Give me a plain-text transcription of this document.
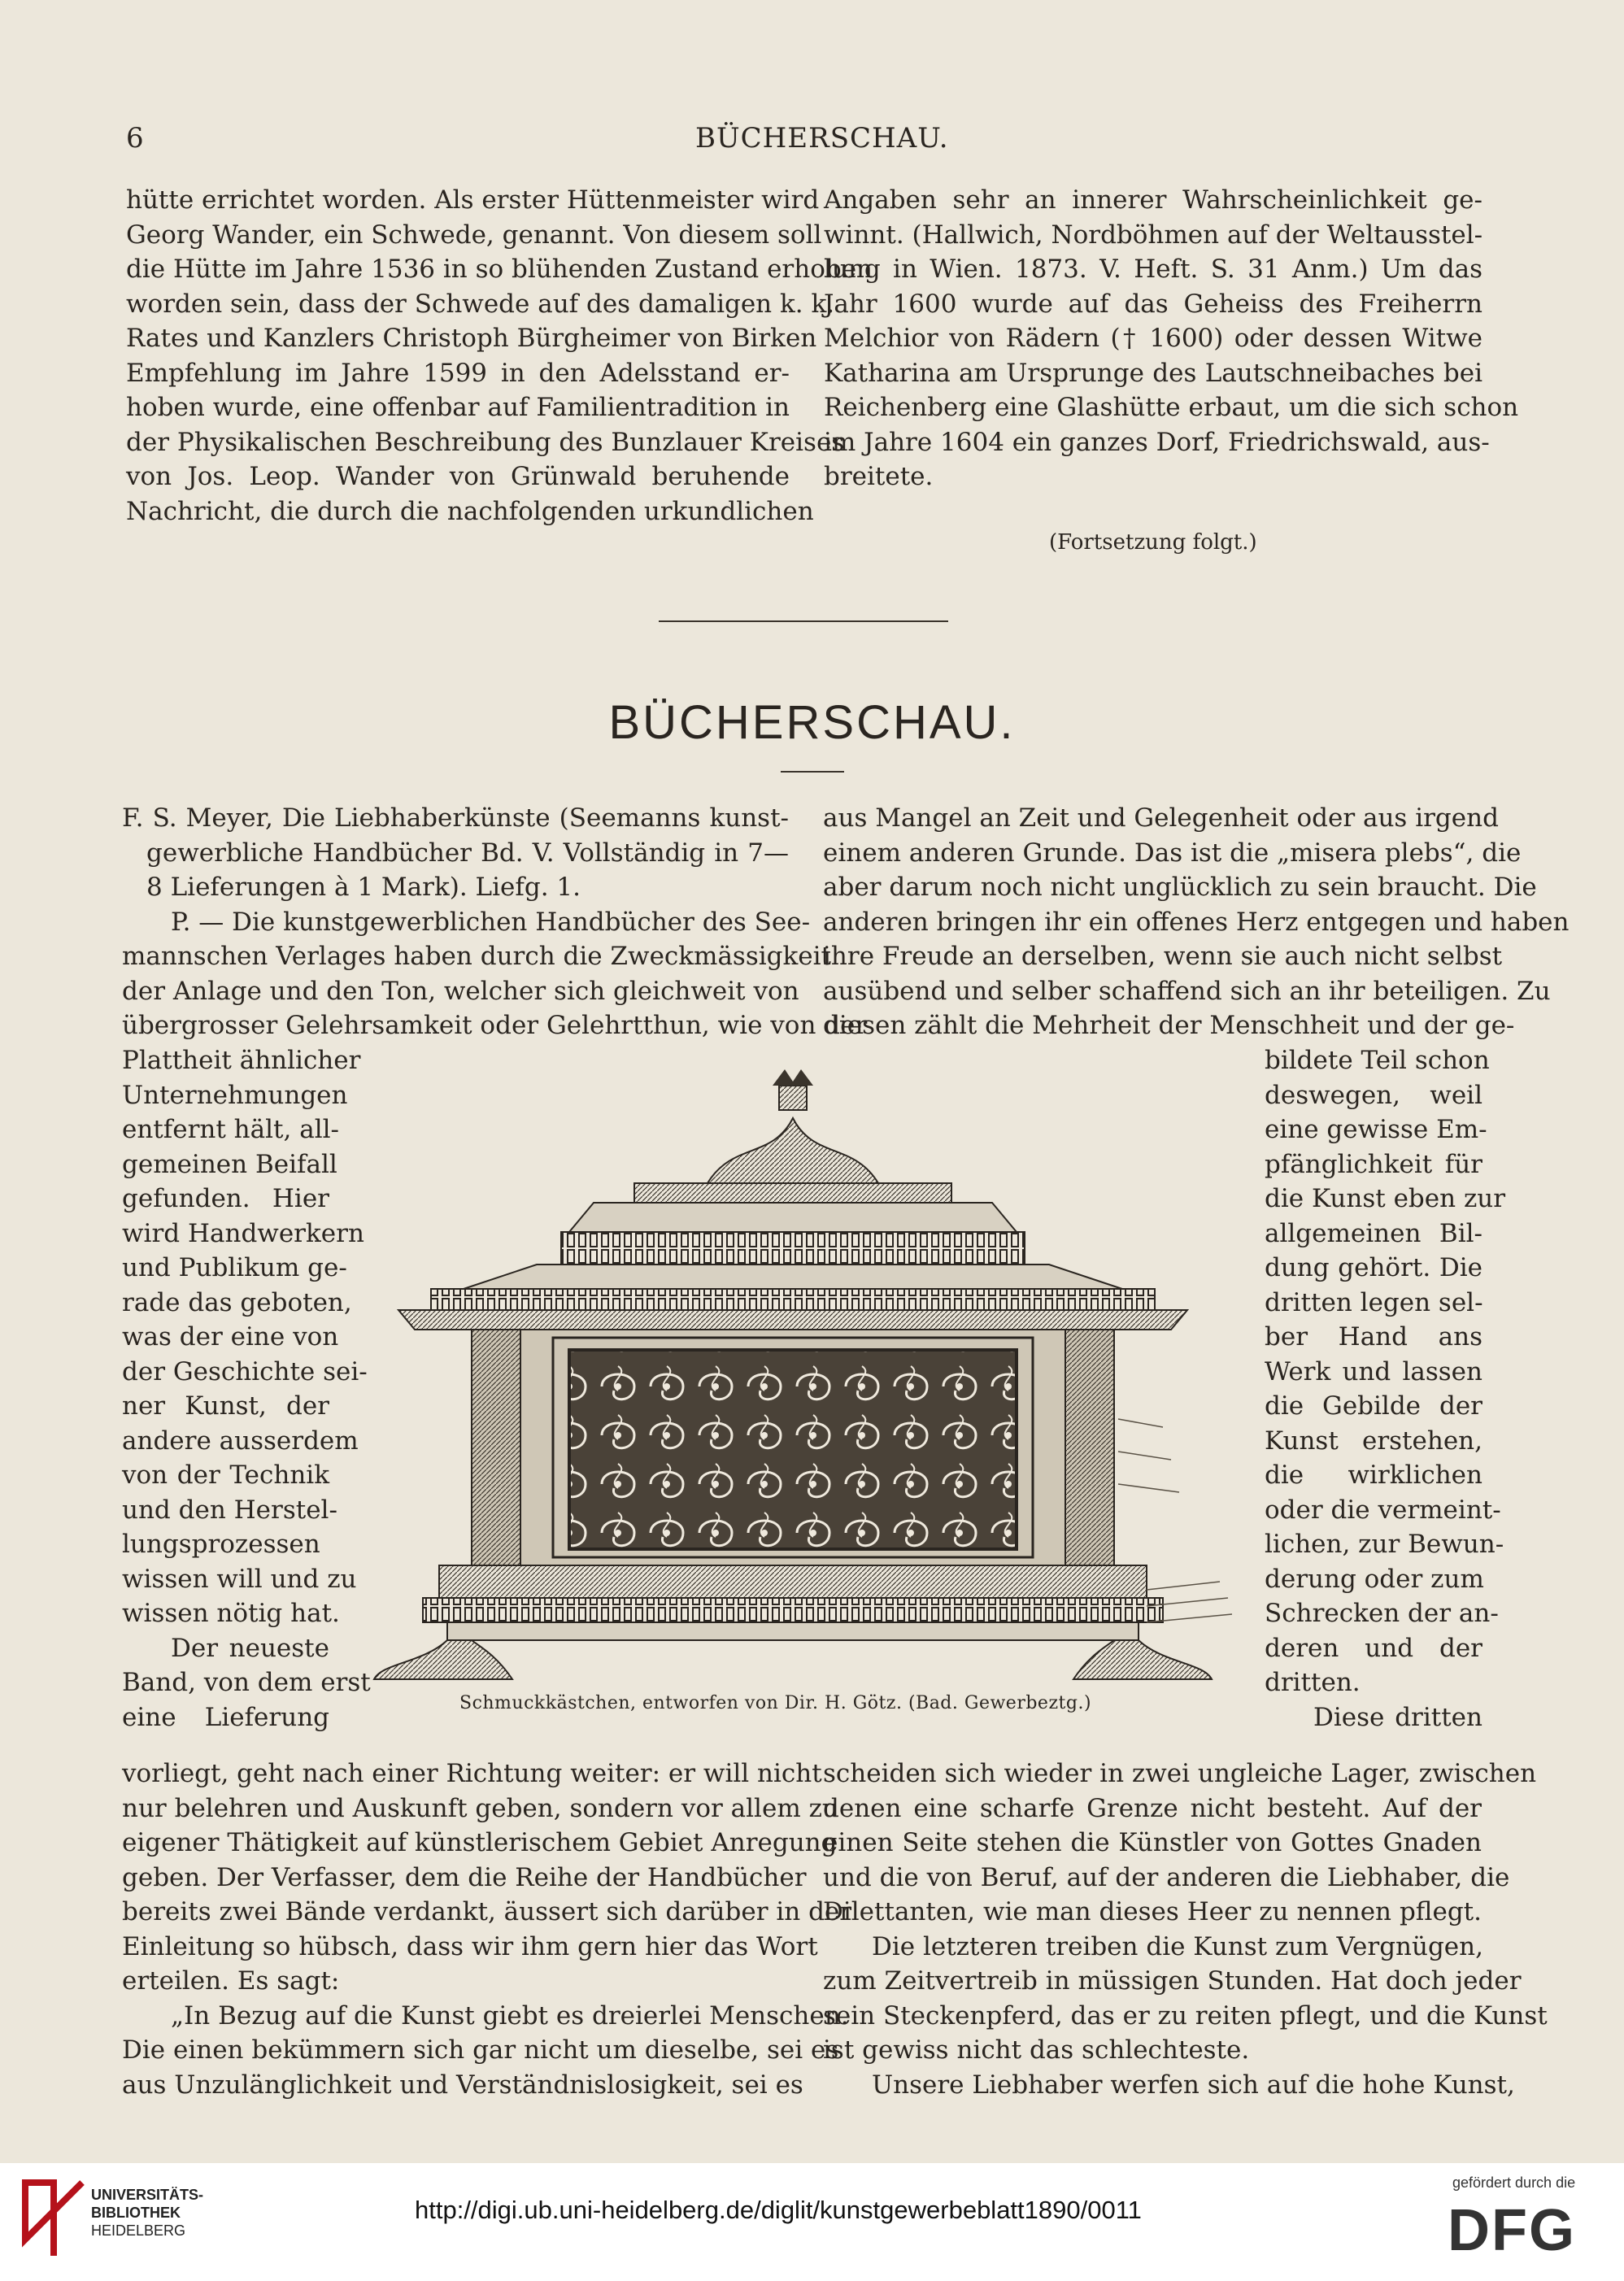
6	BÜCHERSCHAU.
hütte errichtet worden. Als erster Hüttenmeister wird
Georg Wander, ein Schwede, genannt. Von diesem soll
die Hütte im Jahre 1536 in so blühenden Zustand erhoben
worden sein, dass der Schwede auf des damaligen k. k.
Rates und Kanzlers Christoph Bürgheimer von Birken
Empfehlung im Jahre 1599 in den Adelsstand er-
hoben wurde, eine offenbar auf Familientradition in
der Physikalischen Beschreibung des Bunzlauer Kreises
von Jos. Leop. Wander von Grünwald beruhende
Nachricht, die durch die nachfolgenden urkundlichen
Angaben sehr an innerer Wahrscheinlichkeit ge-
winnt. (Hallwich, Nordböhmen auf der Weltausstel-
lung in Wien. 1873. V. Heft. S. 31 Anm.) Um das
Jahr 1600 wurde auf das Geheiss des Freiherrn
Melchior von Rädern († 1600) oder dessen Witwe
Katharina am Ursprunge des Lautschneibaches bei
Reichenberg eine Glashütte erbaut, um die sich schon
im Jahre 1604 ein ganzes Dorf, Friedrichswald, aus-
breitete.
(Fortsetzung folgt.)
BÜCHERSCHAU.
F. S. Meyer, Die Liebhaberkünste (Seemanns kunst-
gewerbliche Handbücher Bd. V. Vollständig in 7—
8 Lieferungen à 1 Mark). Liefg. 1.
P. — Die kunstgewerblichen Handbücher des See-
mannschen Verlages haben durch die Zweckmässigkeit
der Anlage und den Ton, welcher sich gleichweit von
übergrosser Gelehrsamkeit oder Gelehrtthun, wie von der
Plattheit ähnlicher
Unternehmungen
entfernt hält, all-
gemeinen Beifall
gefunden. Hier
wird Handwerkern
und Publikum ge-
rade das geboten,
was der eine von
der Geschichte sei-
ner Kunst, der
andere ausserdem
von der Technik
und den Herstel-
lungsprozessen
wissen will und zu
wissen nötig hat.
Der neueste
Band, von dem erst
eine Lieferung
vorliegt, geht nach einer Richtung weiter: er will nicht
nur belehren und Auskunft geben, sondern vor allem zu
eigener Thätigkeit auf künstlerischem Gebiet Anregung
geben. Der Verfasser, dem die Reihe der Handbücher
bereits zwei Bände verdankt, äussert sich darüber in der
Einleitung so hübsch, dass wir ihm gern hier das Wort
erteilen. Es sagt:
„In Bezug auf die Kunst giebt es dreierlei Menschen.
Die einen bekümmern sich gar nicht um dieselbe, sei es
aus Unzulänglichkeit und Verständnislosigkeit, sei es
aus Mangel an Zeit und Gelegenheit oder aus irgend
einem anderen Grunde. Das ist die „misera plebs“, die
aber darum noch nicht unglücklich zu sein braucht. Die
anderen bringen ihr ein offenes Herz entgegen und haben
ihre Freude an derselben, wenn sie auch nicht selbst
ausübend und selber schaffend sich an ihr beteiligen. Zu
diesen zählt die Mehrheit der Menschheit und der ge-
bildete Teil schon
deswegen, weil
eine gewisse Em-
pfänglichkeit für
die Kunst eben zur
allgemeinen Bil-
dung gehört. Die
dritten legen sel-
ber Hand ans
Werk und lassen
die Gebilde der
Kunst erstehen,
die wirklichen
oder die vermeint-
lichen, zur Bewun-
derung oder zum
Schrecken der an-
deren und der
dritten.
Diese dritten
scheiden sich wieder in zwei ungleiche Lager, zwischen
denen eine scharfe Grenze nicht besteht. Auf der
einen Seite stehen die Künstler von Gottes Gnaden
und die von Beruf, auf der anderen die Liebhaber, die
Dilettanten, wie man dieses Heer zu nennen pflegt.
Die letzteren treiben die Kunst zum Vergnügen,
zum Zeitvertreib in müssigen Stunden. Hat doch jeder
sein Steckenpferd, das er zu reiten pflegt, und die Kunst
ist gewiss nicht das schlechteste.
Unsere Liebhaber werfen sich auf die hohe Kunst,
Schmuckkästchen, entworfen von Dir. H. Götz. (Bad. Gewerbeztg.)
UNIVERSITÄTS-
BIBLIOTHEK
HEIDELBERG
http://digi.ub.uni-heidelberg.de/diglit/kunstgewerbeblatt1890/0011
gefördert durch die
DFG
